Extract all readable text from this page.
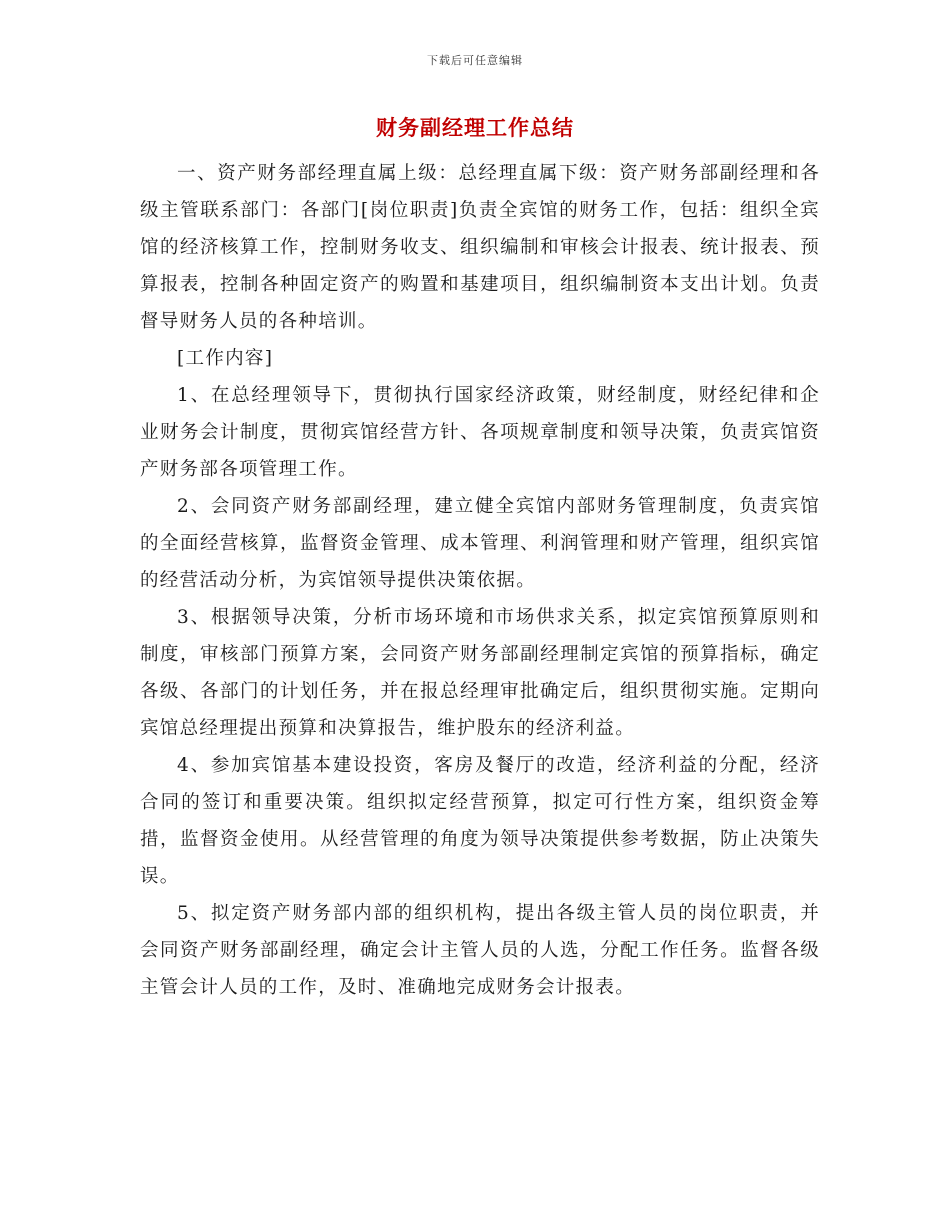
下载后可任意编辑
财务副经理工作总结

一、资产财务部经理直属上级：总经理直属下级：资产财务部副经理和各级主管联系部门：各部门[岗位职责]负责全宾馆的财务工作，包括：组织全宾馆的经济核算工作，控制财务收支、组织编制和审核会计报表、统计报表、预算报表，控制各种固定资产的购置和基建项目，组织编制资本支出计划。负责督导财务人员的各种培训。

[工作内容]

1、在总经理领导下，贯彻执行国家经济政策，财经制度，财经纪律和企业财务会计制度，贯彻宾馆经营方针、各项规章制度和领导决策，负责宾馆资产财务部各项管理工作。

2、会同资产财务部副经理，建立健全宾馆内部财务管理制度，负责宾馆的全面经营核算，监督资金管理、成本管理、利润管理和财产管理，组织宾馆的经营活动分析，为宾馆领导提供决策依据。

3、根据领导决策，分析市场环境和市场供求关系，拟定宾馆预算原则和制度，审核部门预算方案，会同资产财务部副经理制定宾馆的预算指标，确定各级、各部门的计划任务，并在报总经理审批确定后，组织贯彻实施。定期向宾馆总经理提出预算和决算报告，维护股东的经济利益。

4、参加宾馆基本建设投资，客房及餐厅的改造，经济利益的分配，经济合同的签订和重要决策。组织拟定经营预算，拟定可行性方案，组织资金筹措，监督资金使用。从经营管理的角度为领导决策提供参考数据，防止决策失误。

5、拟定资产财务部内部的组织机构，提出各级主管人员的岗位职责，并会同资产财务部副经理，确定会计主管人员的人选，分配工作任务。监督各级主管会计人员的工作，及时、准确地完成财务会计报表。
